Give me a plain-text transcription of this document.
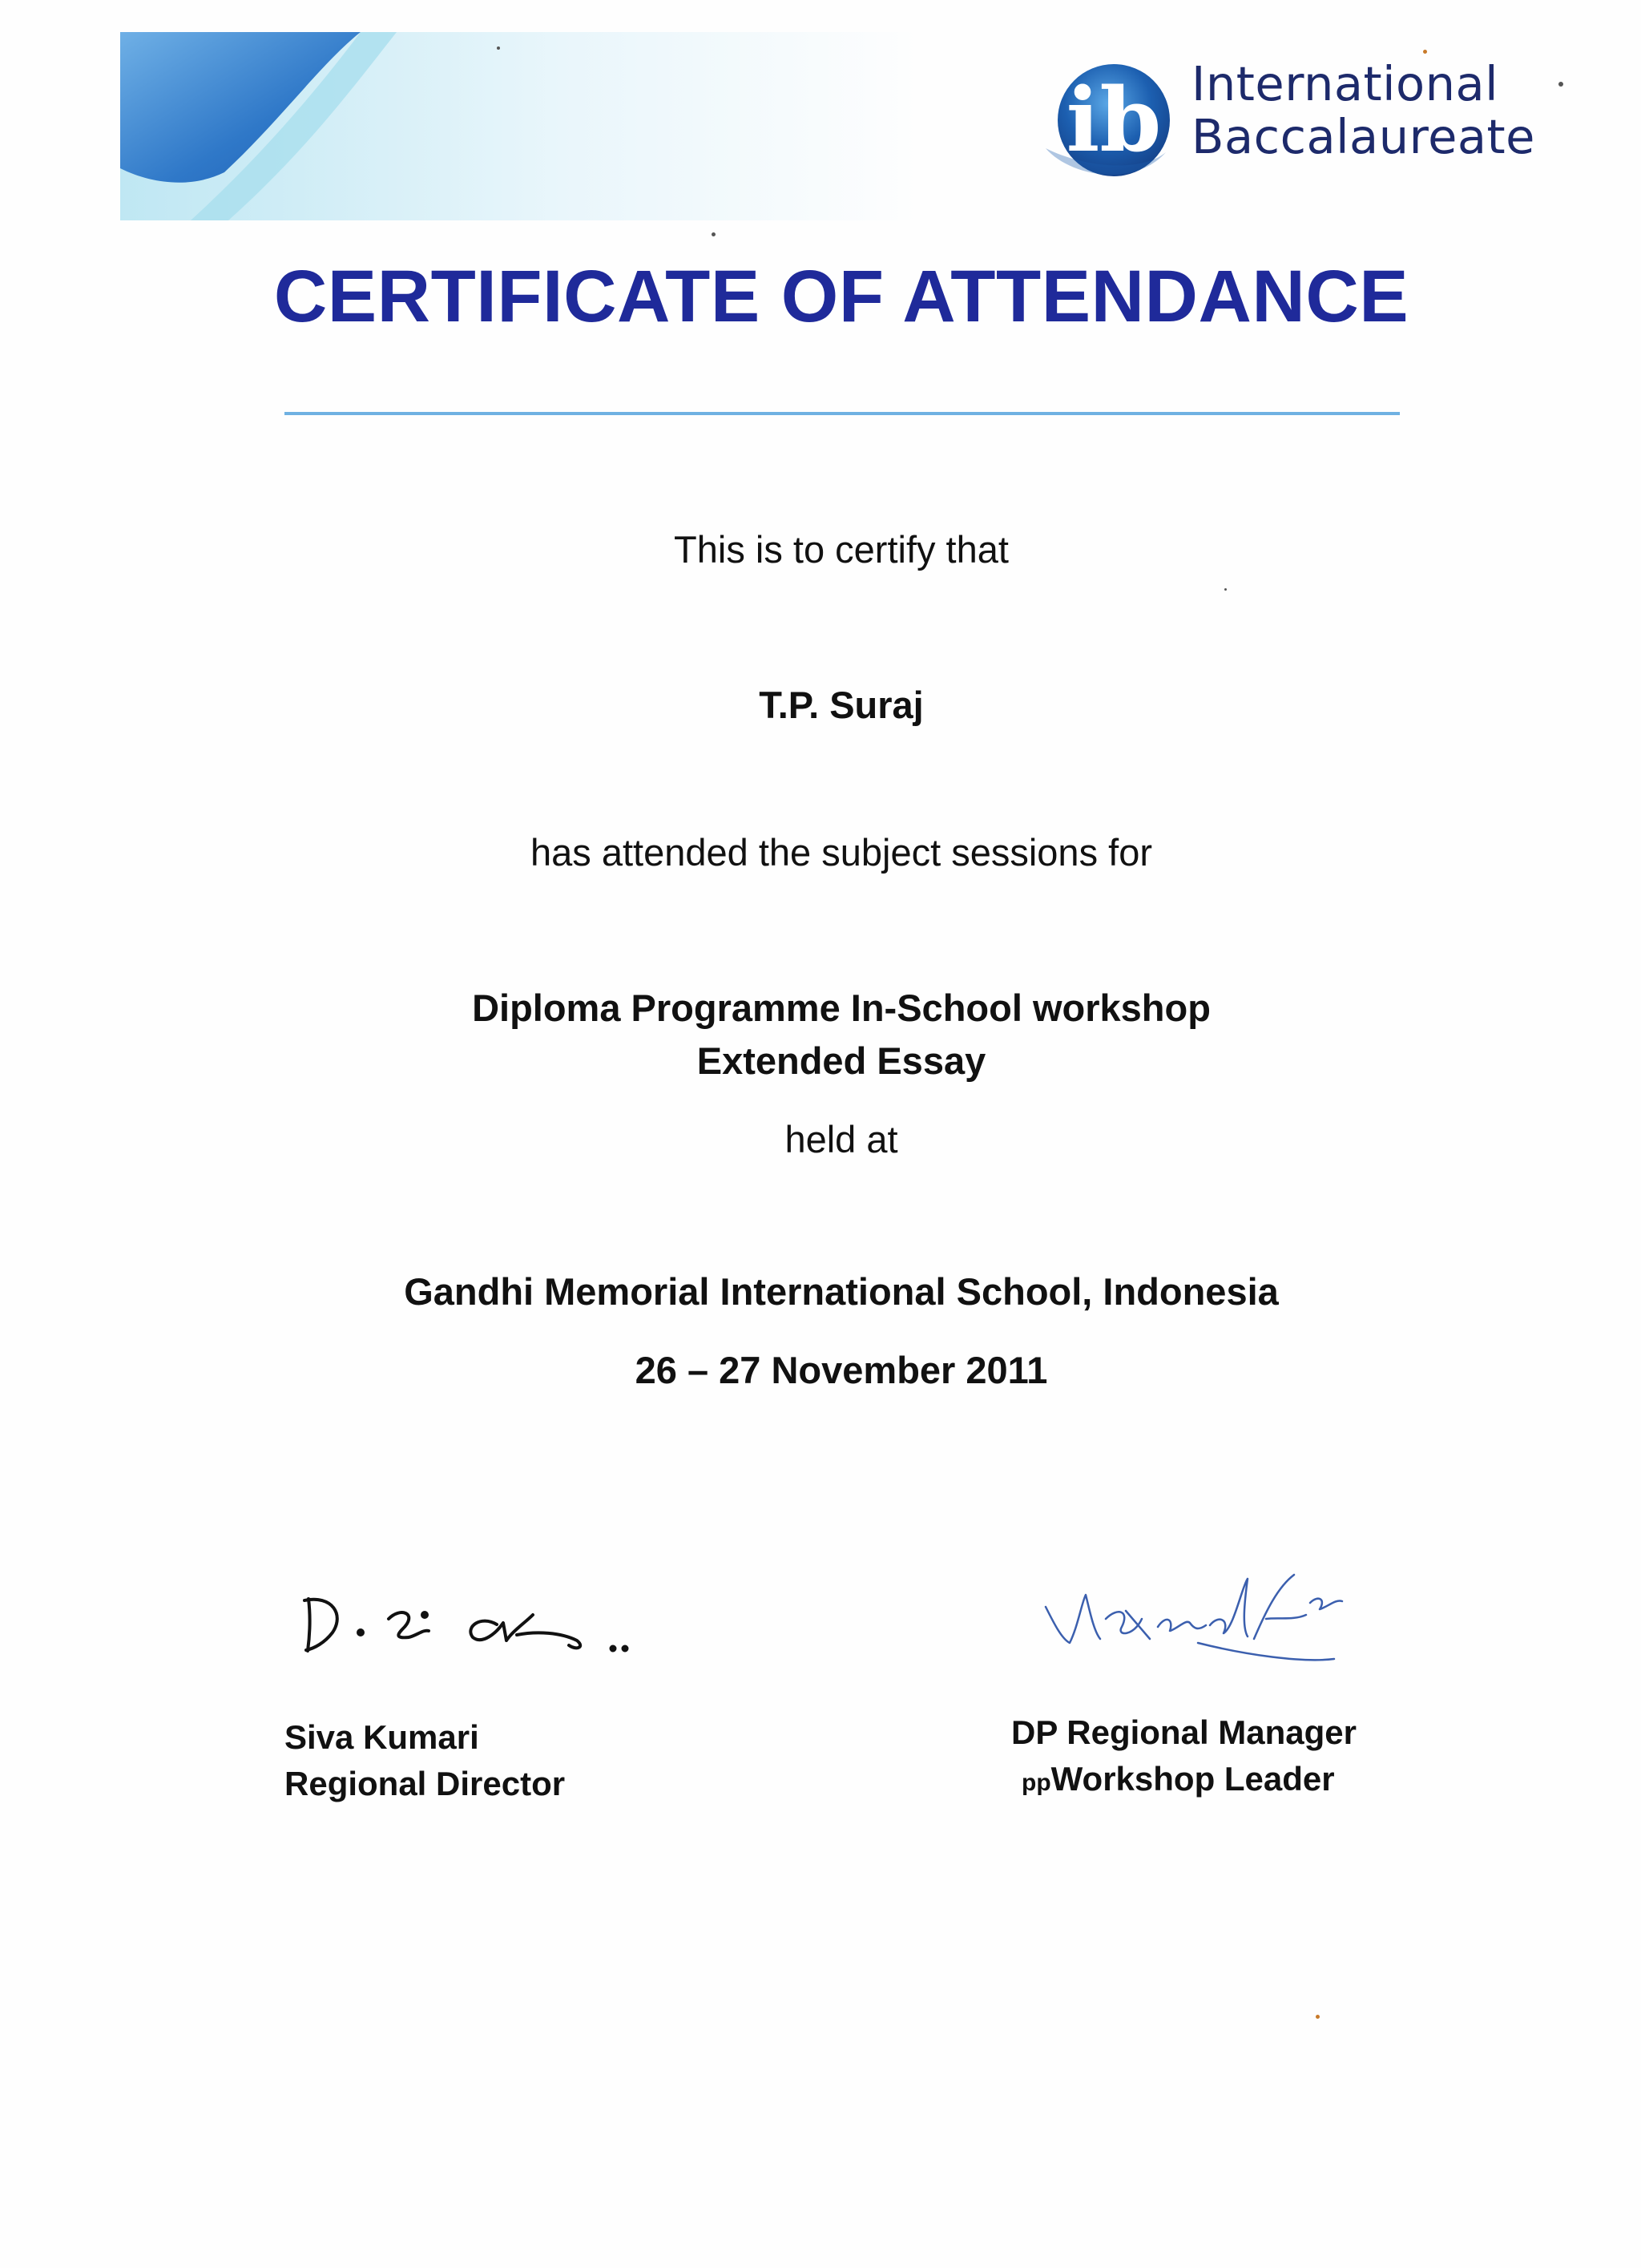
ib International
Baccalaureate
CERTIFICATE OF ATTENDANCE
This is to certify that
T.P. Suraj
has attended the subject sessions for
Diploma Programme In-School workshop
Extended Essay
held at
Gandhi Memorial International School, Indonesia
26 – 27 November 2011
Siva Kumari
Regional Director
DP Regional Manager
ppWorkshop Leader
